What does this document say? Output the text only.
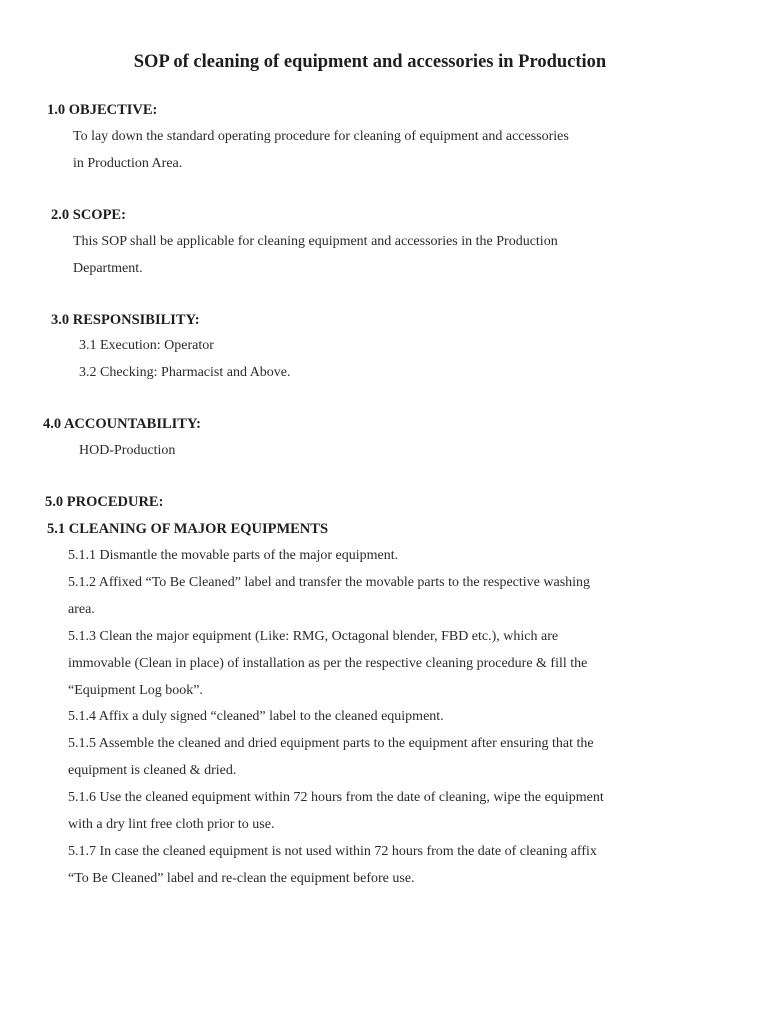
SOP of cleaning of equipment and accessories in Production
1.0 OBJECTIVE:
To lay down the standard operating procedure for cleaning of equipment and accessories
in Production Area.
2.0 SCOPE:
This SOP shall be applicable for cleaning equipment and accessories in the Production
Department.
3.0 RESPONSIBILITY:
3.1 Execution: Operator
3.2 Checking: Pharmacist and Above.
4.0 ACCOUNTABILITY:
HOD-Production
5.0 PROCEDURE:
5.1 CLEANING OF MAJOR EQUIPMENTS
5.1.1 Dismantle the movable parts of the major equipment.
5.1.2 Affixed “To Be Cleaned” label and transfer the movable parts to the respective washing
area.
5.1.3 Clean the major equipment (Like: RMG, Octagonal blender, FBD etc.), which are
immovable (Clean in place) of installation as per the respective cleaning procedure & fill the
“Equipment Log book”.
5.1.4 Affix a duly signed “cleaned” label to the cleaned equipment.
5.1.5 Assemble the cleaned and dried equipment parts to the equipment after ensuring that the
equipment is cleaned & dried.
5.1.6 Use the cleaned equipment within 72 hours from the date of cleaning, wipe the equipment
with a dry lint free cloth prior to use.
5.1.7 In case the cleaned equipment is not used within 72 hours from the date of cleaning affix
“To Be Cleaned” label and re-clean the equipment before use.
